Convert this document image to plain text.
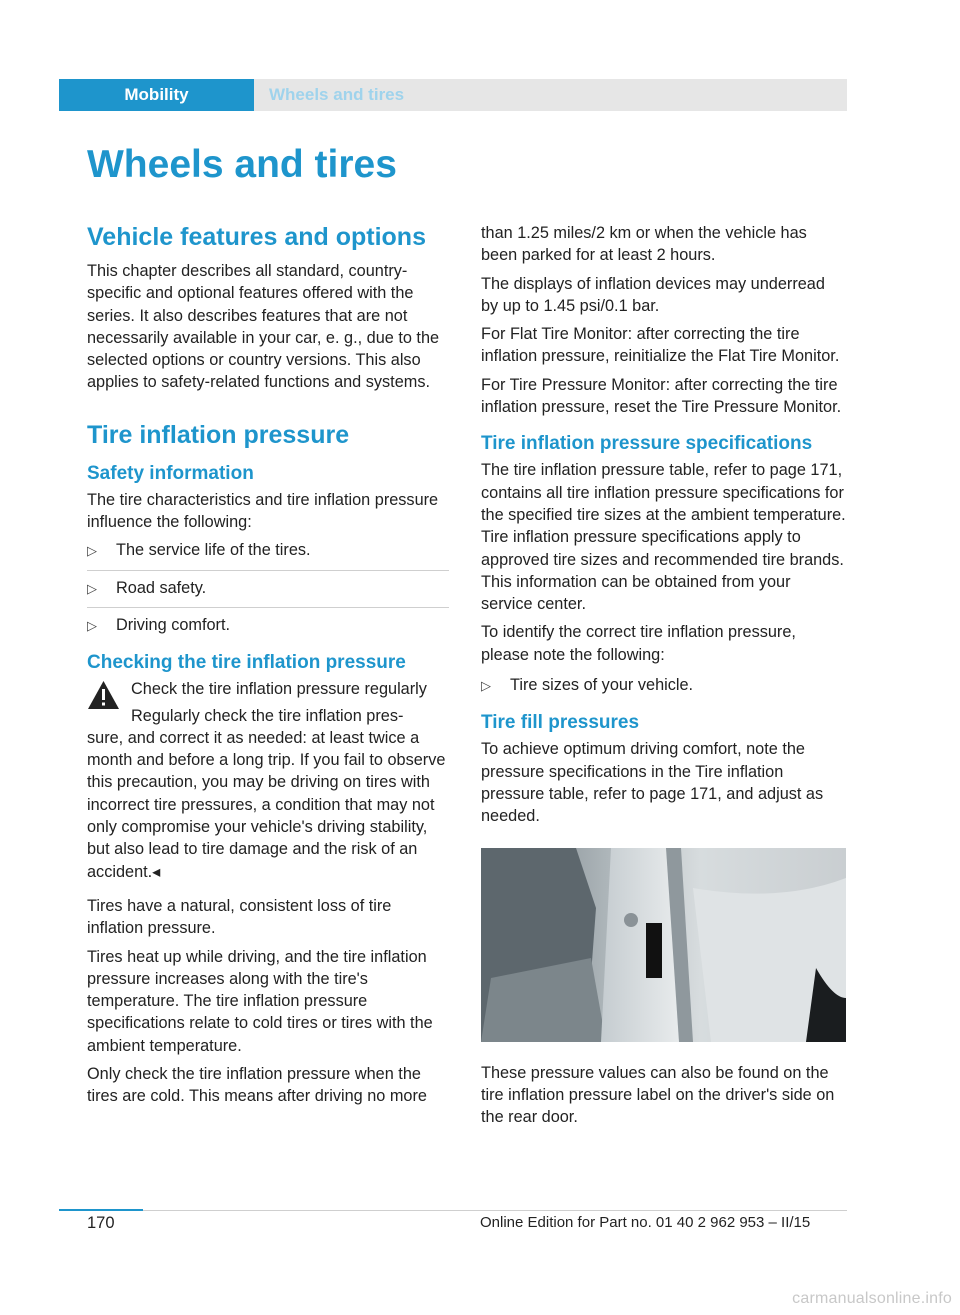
Mobility	Wheels and tires
Wheels and tires
Vehicle features and options

This chapter describes all standard, country-specific and optional features offered with the series. It also describes features that are not necessarily available in your car, e. g., due to the selected options or country versions. This also applies to safety-related functions and systems.

Tire inflation pressure
Safety information

The tire characteristics and tire inflation pressure influence the following:

▷	The service life of the tires.
▷	Road safety.
▷	Driving comfort.
Checking the tire inflation pressure

Check the tire inflation pressure regularly

Regularly check the tire inflation pres-

sure, and correct it as needed: at least twice a month and before a long trip. If you fail to observe this precaution, you may be driving on tires with incorrect tire pressures, a condition that may not only compromise your vehicle's driving stability, but also lead to tire damage and the risk of an accident.◂

Tires have a natural, consistent loss of tire inflation pressure.

Tires heat up while driving, and the tire inflation pressure increases along with the tire's temperature. The tire inflation pressure specifications relate to cold tires or tires with the ambient temperature.

Only check the tire inflation pressure when the tires are cold. This means after driving no more

than 1.25 miles/2 km or when the vehicle has been parked for at least 2 hours.

The displays of inflation devices may underread by up to 1.45 psi/0.1 bar.

For Flat Tire Monitor: after correcting the tire inflation pressure, reinitialize the Flat Tire Monitor.

For Tire Pressure Monitor: after correcting the tire inflation pressure, reset the Tire Pressure Monitor.

Tire inflation pressure specifications

The tire inflation pressure table, refer to page 171, contains all tire inflation pressure specifications for the specified tire sizes at the ambient temperature. Tire inflation pressure specifications apply to approved tire sizes and recommended tire brands. This information can be obtained from your service center.

To identify the correct tire inflation pressure, please note the following:

▷	Tire sizes of your vehicle.
Tire fill pressures

To achieve optimum driving comfort, note the pressure specifications in the Tire inflation pressure table, refer to page 171, and adjust as needed.

These pressure values can also be found on the tire inflation pressure label on the driver's side on the rear door.

170	Online Edition for Part no. 01 40 2 962 953 – II/15
carmanualsonline.info
